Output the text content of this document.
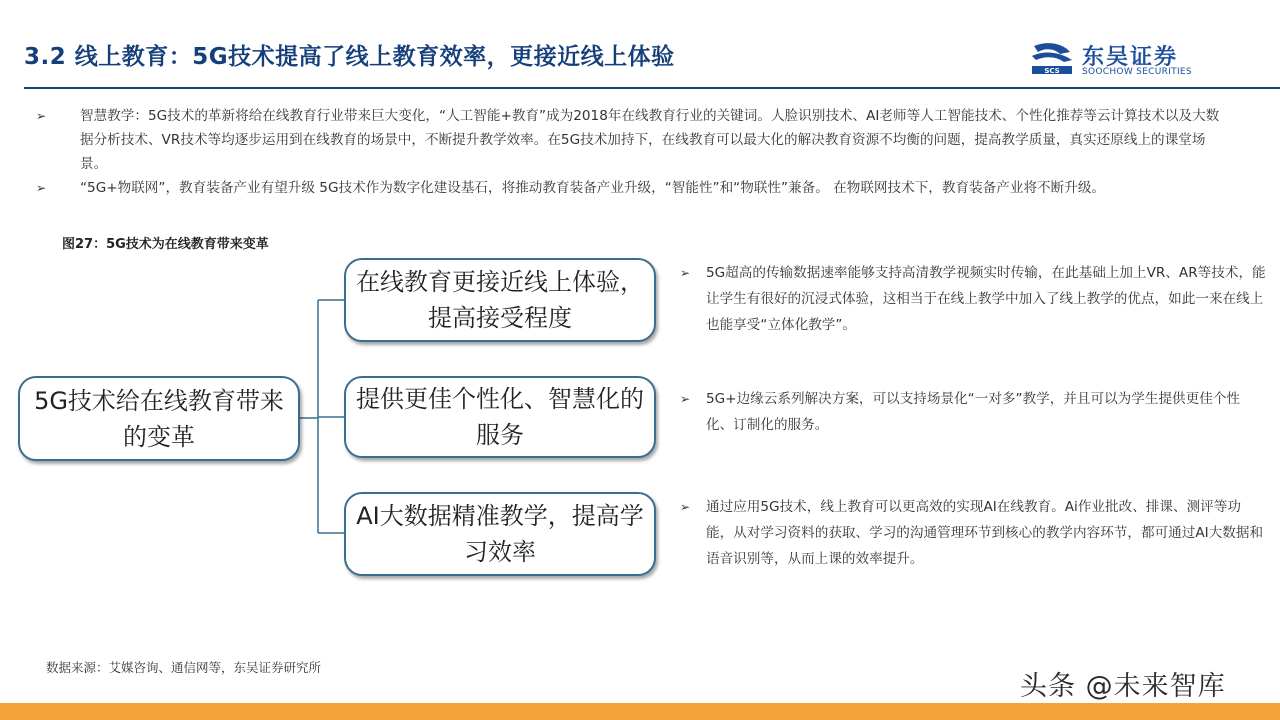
3.2 线上教育：5G技术提高了线上教育效率，更接近线上体验
SCS
东吴证券
SOOCHOW SECURITIES
➢ 智慧教学：5G技术的革新将给在线教育行业带来巨大变化，“人工智能+教育”成为2018年在线教育行业的关键词。人脸识别技术、AI老师等人工智能技术、个性化推荐等云计算技术以及大数据分析技术、VR技术等均逐步运用到在线教育的场景中，不断提升教学效率。在5G技术加持下，在线教育可以最大化的解决教育资源不均衡的问题，提高教学质量，真实还原线上的课堂场景。
➢ “5G+物联网”，教育装备产业有望升级 5G技术作为数字化建设基石，将推动教育装备产业升级，“智能性”和“物联性”兼备。 在物联网技术下，教育装备产业将不断升级。
图27：5G技术为在线教育带来变革
5G技术给在线教育带来的变革
在线教育更接近线上体验，提高接受程度
提供更佳个性化、智慧化的服务
AI大数据精准教学，提高学习效率
➢ 5G超高的传输数据速率能够支持高清教学视频实时传输，在此基础上加上VR、AR等技术，能让学生有很好的沉浸式体验，这相当于在线上教学中加入了线上教学的优点，如此一来在线上也能享受“立体化教学”。
➢ 5G+边缘云系列解决方案，可以支持场景化“一对多”教学，并且可以为学生提供更佳个性化、订制化的服务。
➢ 通过应用5G技术，线上教育可以更高效的实现AI在线教育。Ai作业批改、排课、测评等功能，从对学习资料的获取、学习的沟通管理环节到核心的教学内容环节，都可通过AI大数据和语音识别等，从而上课的效率提升。
数据来源：艾媒咨询、通信网等，东吴证券研究所
头条 @未来智库
